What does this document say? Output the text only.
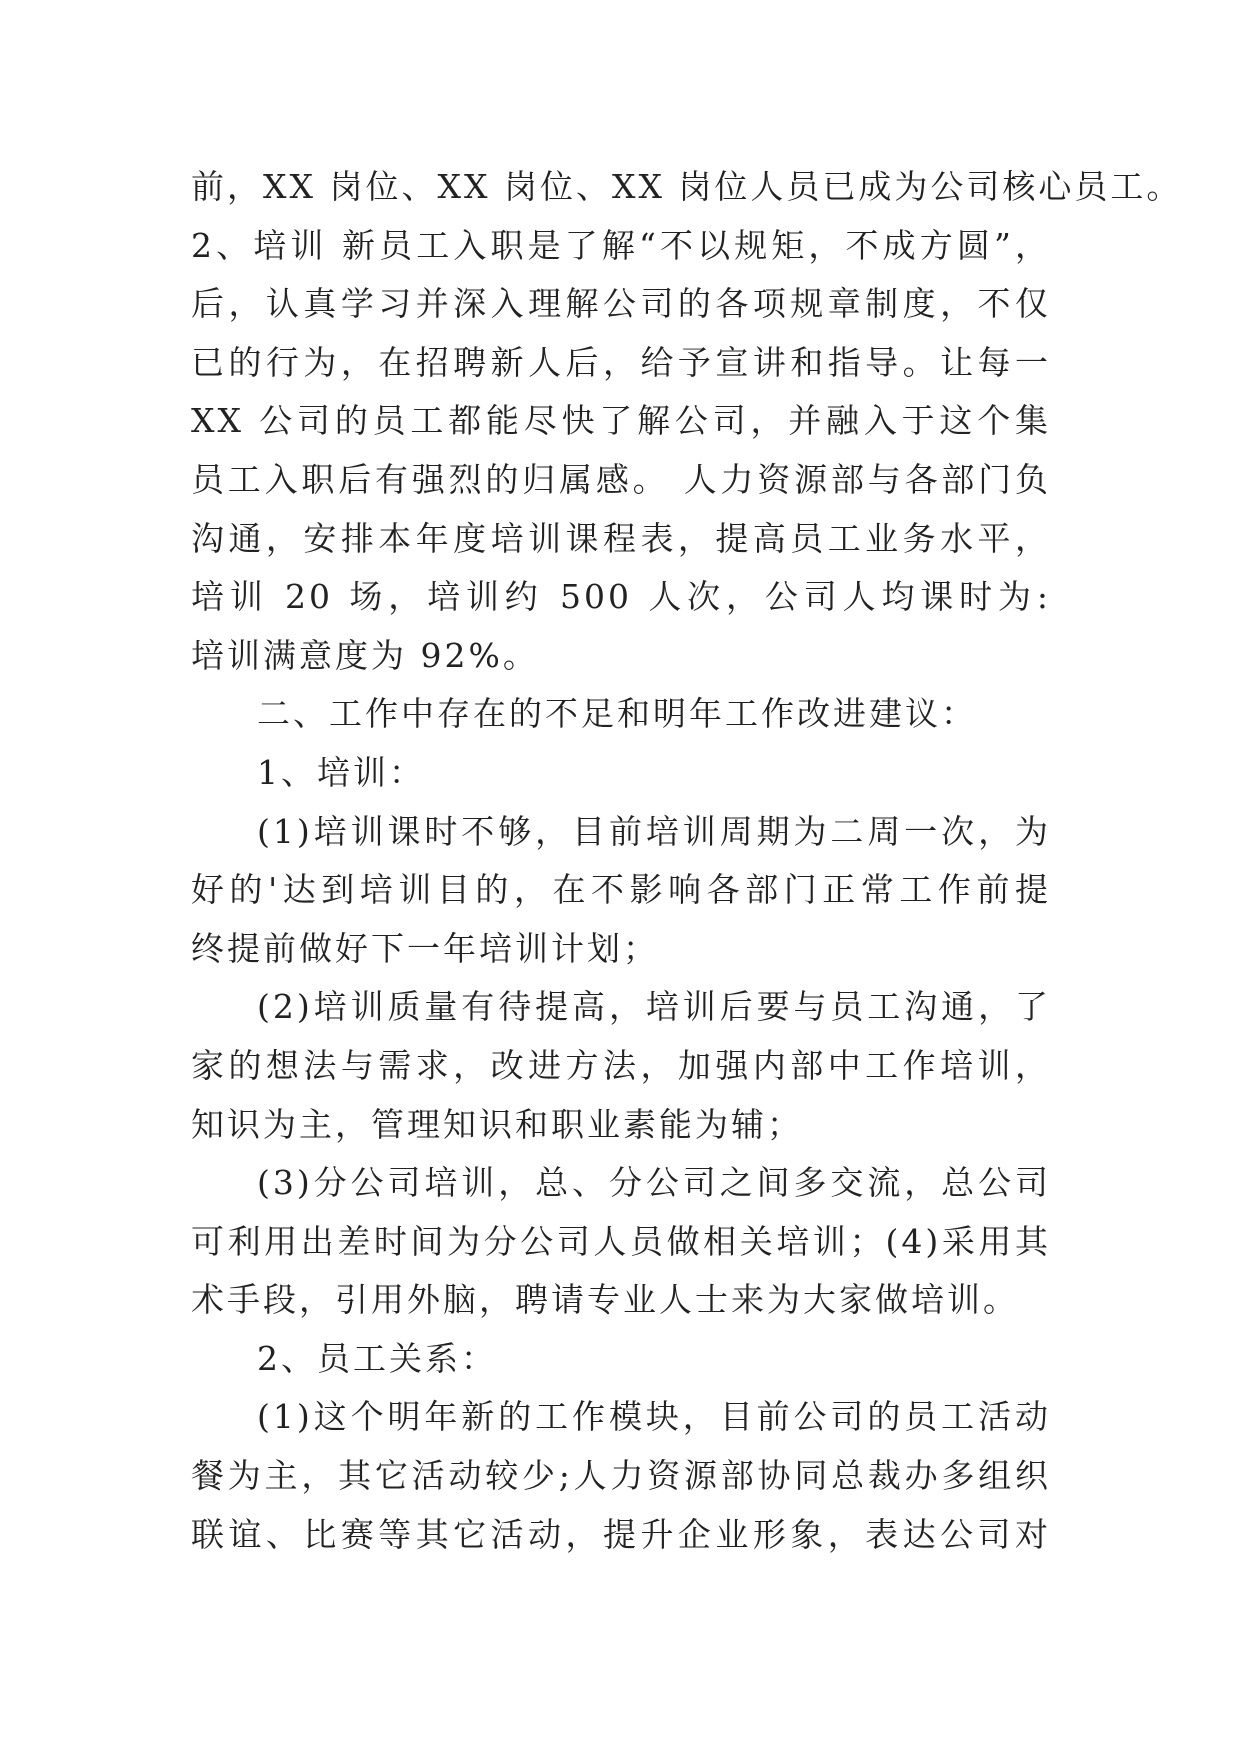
前，XX 岗位、XX 岗位、XX 岗位人员已成为公司核心员工。
2、培训 新员工入职是了解“不以规矩，不成方圆”，
后，认真学习并深入理解公司的各项规章制度，不仅
已的行为，在招聘新人后，给予宣讲和指导。让每一
XX 公司的员工都能尽快了解公司，并融入于这个集
员工入职后有强烈的归属感。 人力资源部与各部门负
沟通，安排本年度培训课程表，提高员工业务水平，
培训 20 场，培训约 500 人次，公司人均课时为:
培训满意度为 92%。
二、工作中存在的不足和明年工作改进建议：
1、培训：
(1)培训课时不够，目前培训周期为二周一次，为
好的'达到培训目的，在不影响各部门正常工作前提
终提前做好下一年培训计划；
(2)培训质量有待提高，培训后要与员工沟通，了
家的想法与需求，改进方法，加强内部中工作培训，
知识为主，管理知识和职业素能为辅；
(3)分公司培训，总、分公司之间多交流，总公司
可利用出差时间为分公司人员做相关培训；(4)采用其
术手段，引用外脑，聘请专业人士来为大家做培训。
2、员工关系：
(1)这个明年新的工作模块，目前公司的员工活动
餐为主，其它活动较少;人力资源部协同总裁办多组织
联谊、比赛等其它活动，提升企业形象，表达公司对
